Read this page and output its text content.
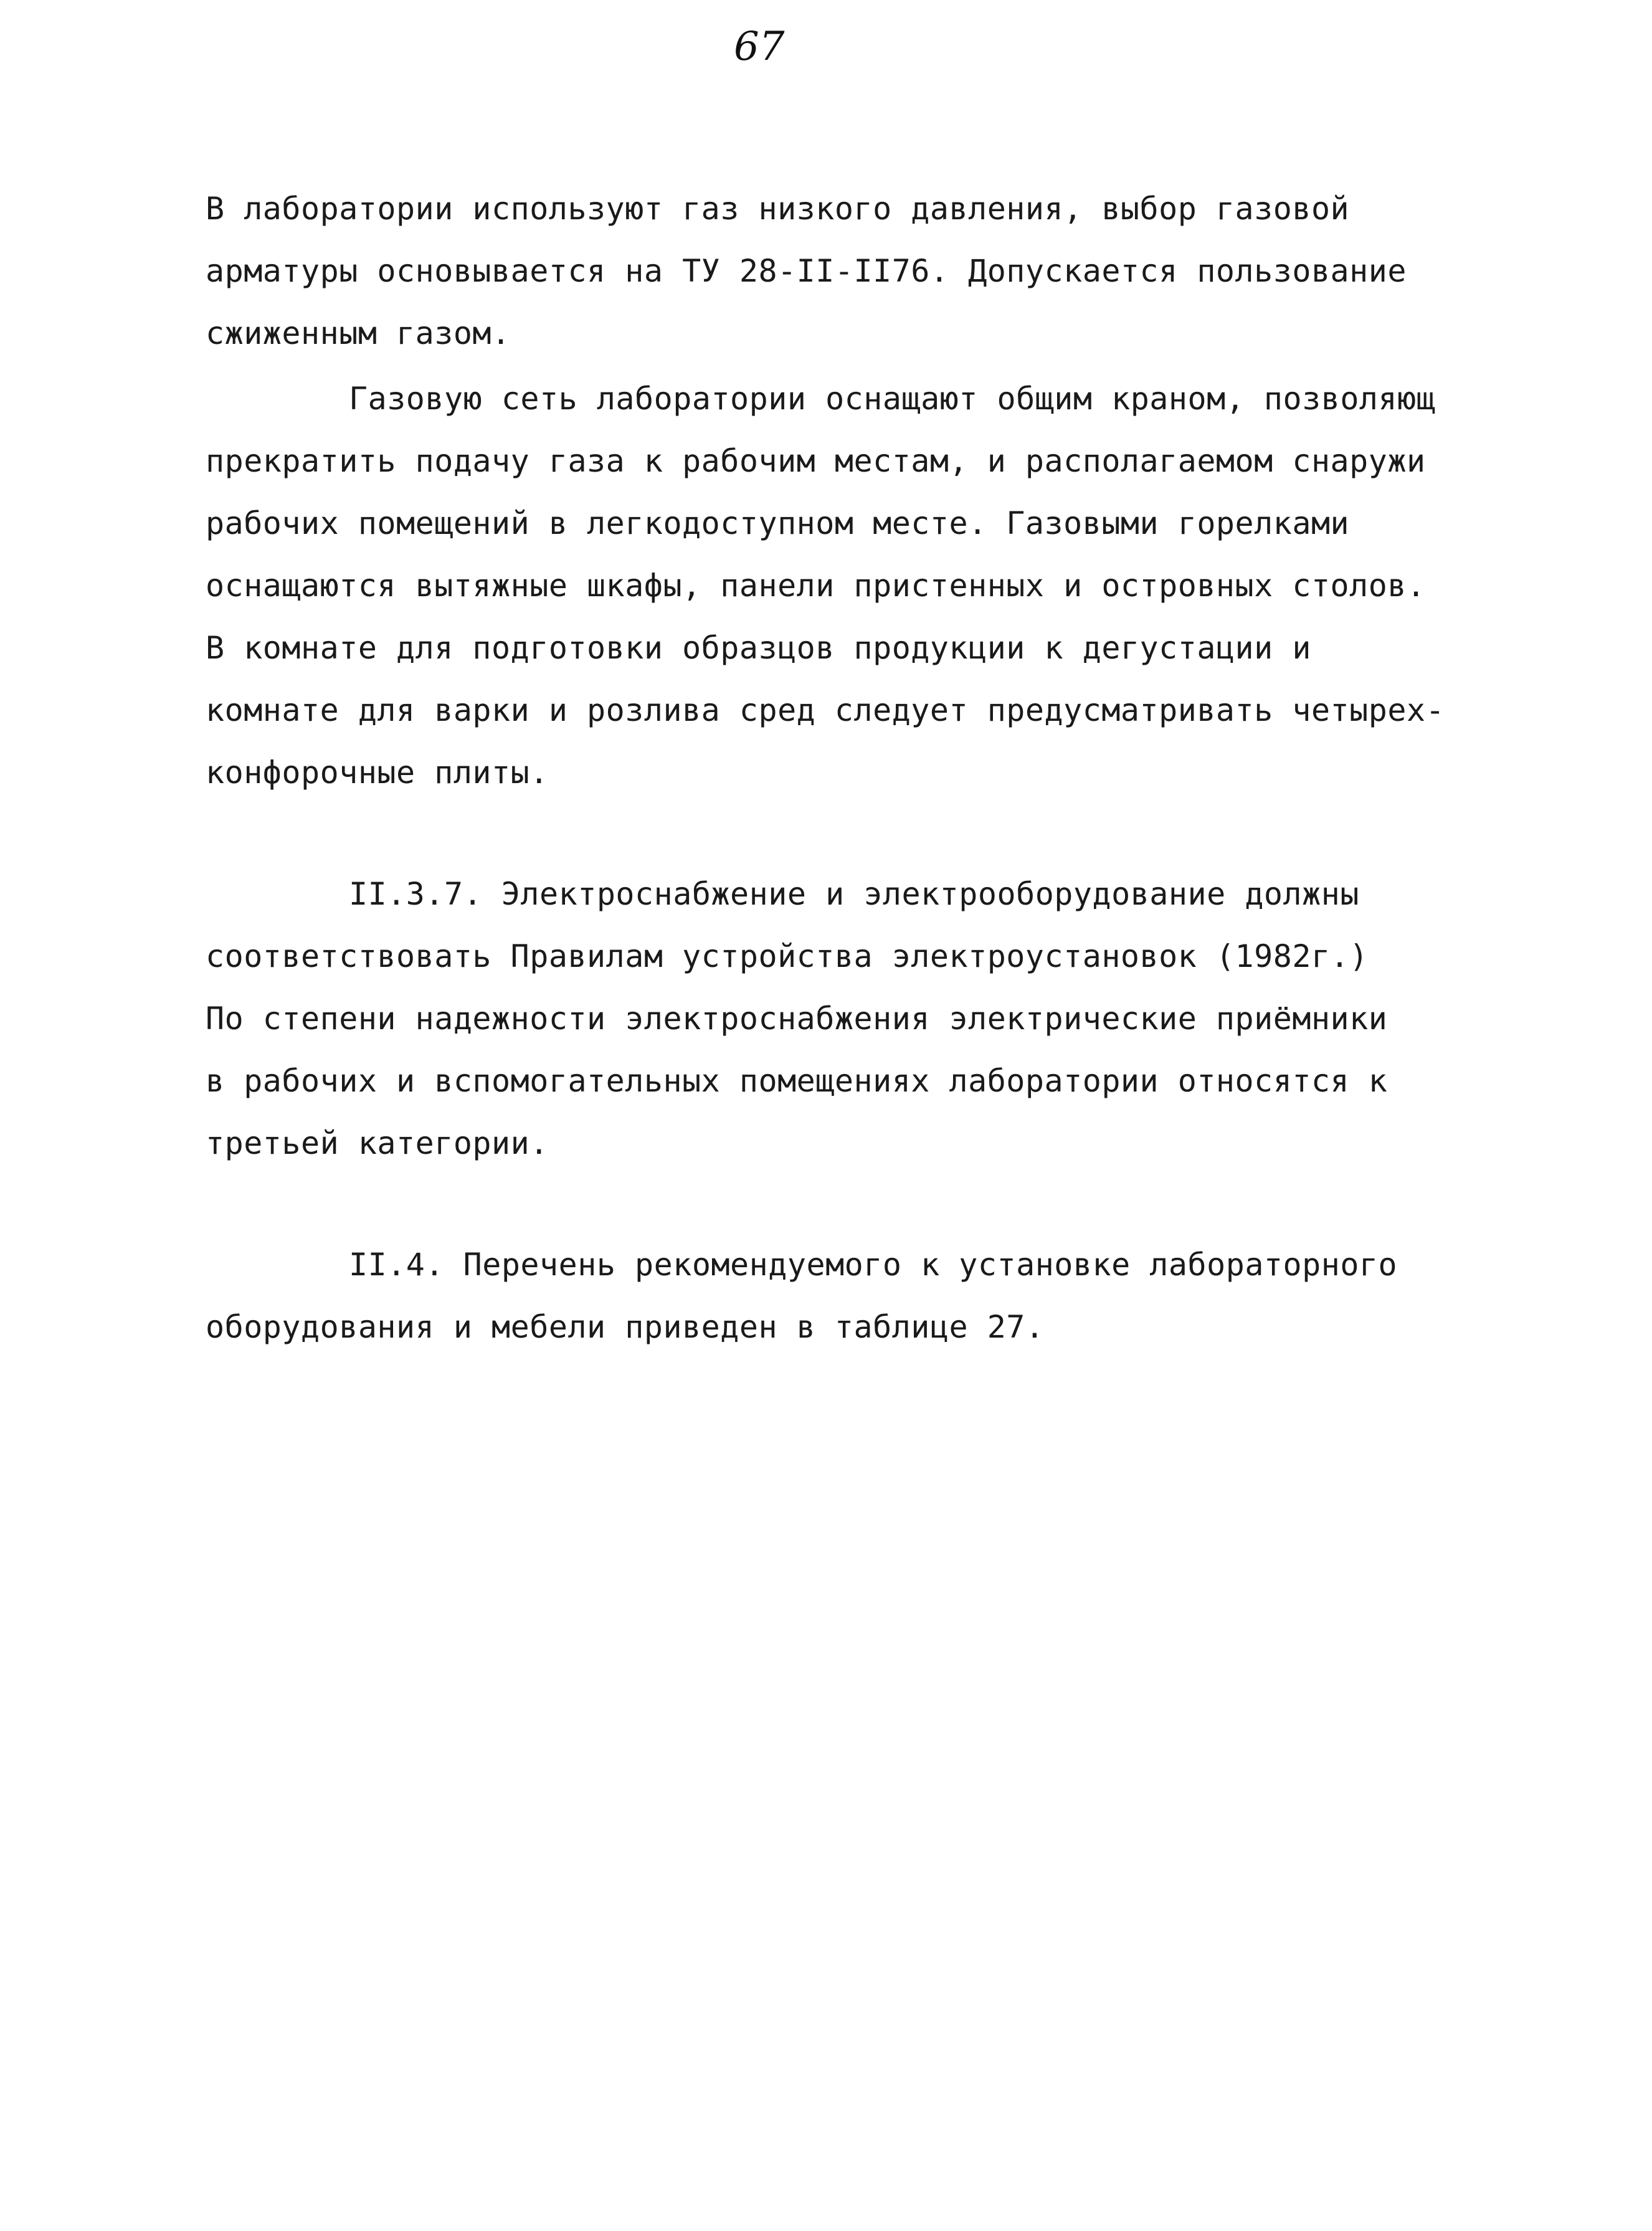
67
В лаборатории используют газ низкого давления, выбор газовой
арматуры основывается на ТУ 28-II-II76. Допускается пользование
сжиженным газом.
Газовую сеть лаборатории оснащают общим краном, позволяющ
прекратить подачу газа к рабочим местам, и располагаемом снаружи
рабочих помещений в легкодоступном месте. Газовыми горелками
оснащаются вытяжные шкафы, панели пристенных и островных столов.
В комнате для подготовки образцов продукции к дегустации и
комнате для варки и розлива сред следует предусматривать четырех-
конфорочные плиты.
II.3.7. Электроснабжение и электрооборудование должны
соответствовать Правилам устройства электроустановок (1982г.)
По степени надежности электроснабжения электрические приёмники
в рабочих и вспомогательных помещениях лаборатории относятся к
третьей категории.
II.4. Перечень рекомендуемого к установке лабораторного
оборудования и мебели приведен в таблице 27.
